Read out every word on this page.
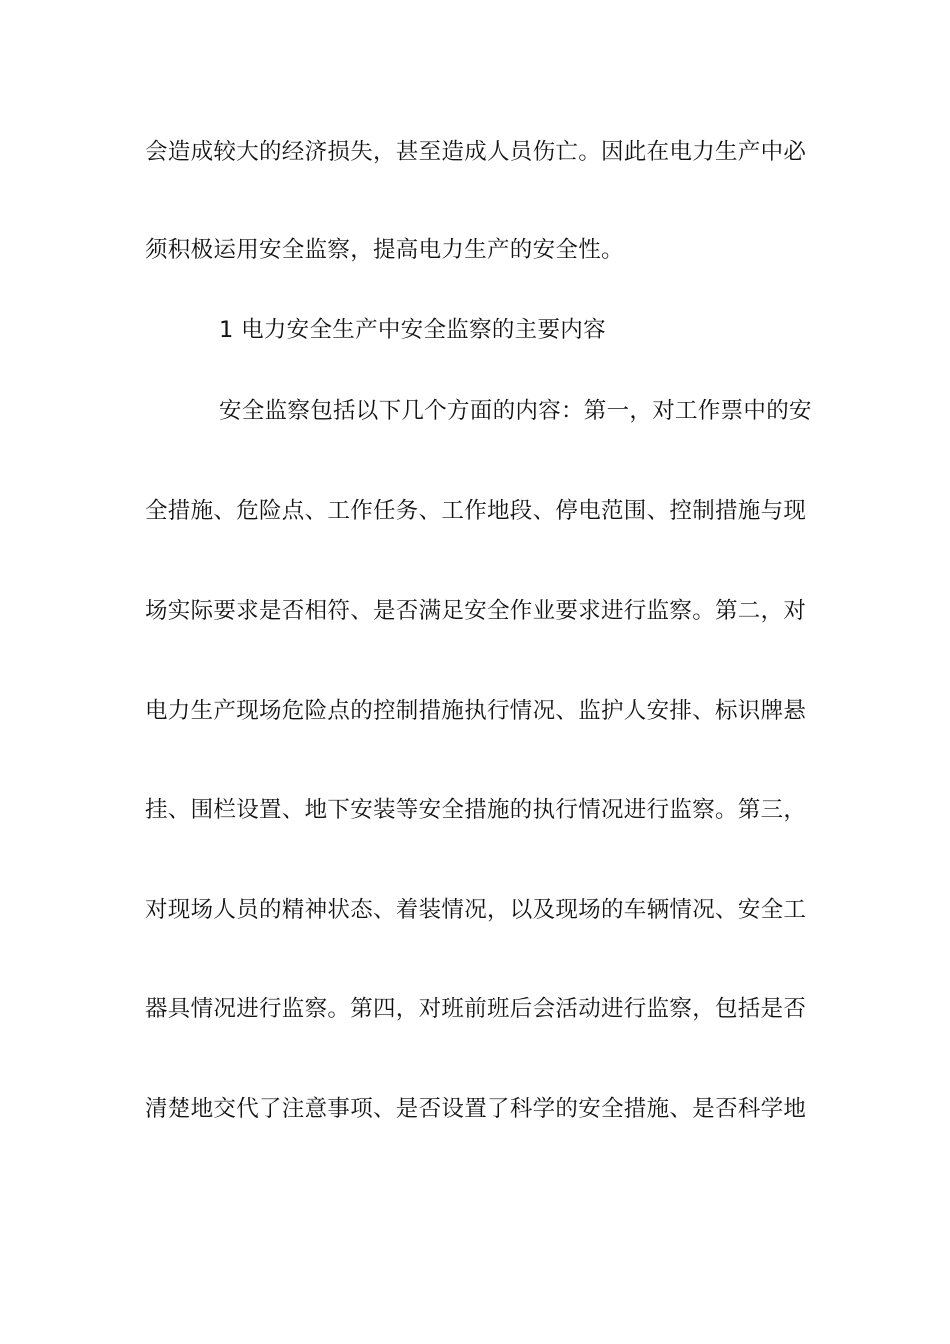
会造成较大的经济损失，甚至造成人员伤亡。因此在电力生产中必
须积极运用安全监察，提高电力生产的安全性。
1 电力安全生产中安全监察的主要内容
安全监察包括以下几个方面的内容：第一，对工作票中的安
全措施、危险点、工作任务、工作地段、停电范围、控制措施与现
场实际要求是否相符、是否满足安全作业要求进行监察。第二，对
电力生产现场危险点的控制措施执行情况、监护人安排、标识牌悬
挂、围栏设置、地下安装等安全措施的执行情况进行监察。第三，
对现场人员的精神状态、着装情况，以及现场的车辆情况、安全工
器具情况进行监察。第四，对班前班后会活动进行监察，包括是否
清楚地交代了注意事项、是否设置了科学的安全措施、是否科学地
